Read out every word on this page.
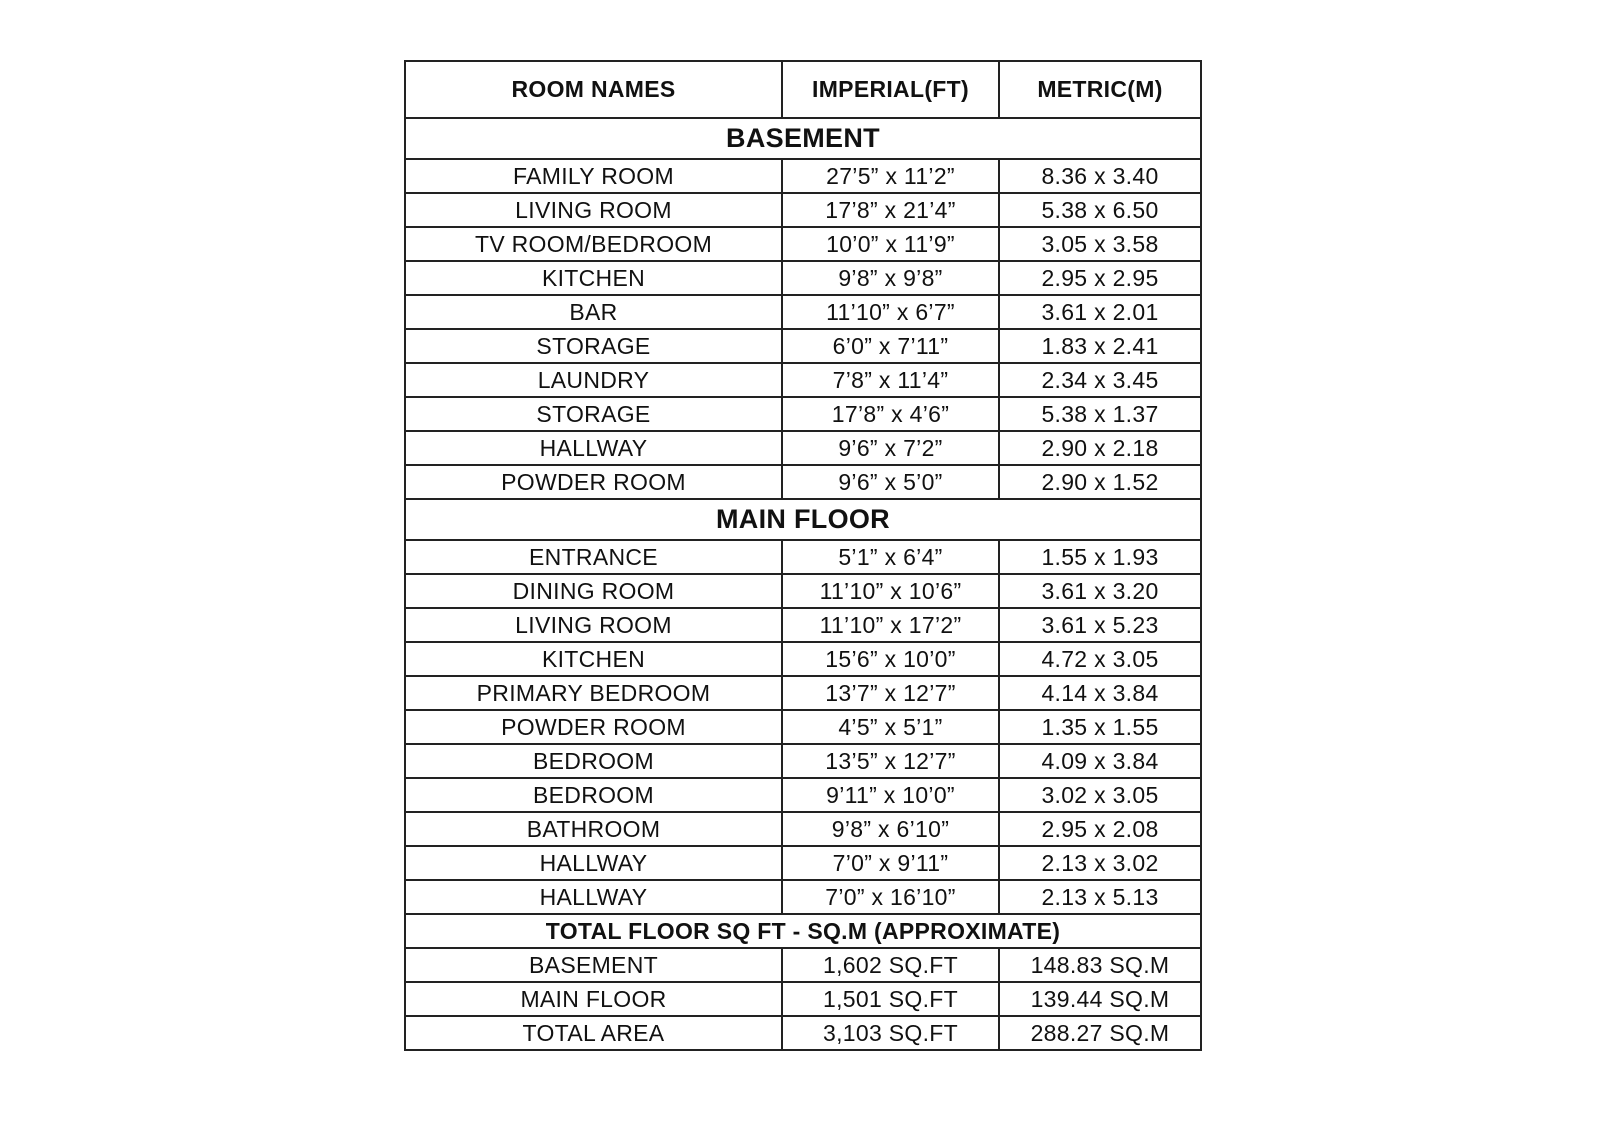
ROOM NAMES	IMPERIAL(FT)	METRIC(M)
BASEMENT		
FAMILY ROOM	27’5” x 11’2”	8.36 x 3.40
LIVING ROOM	17’8” x 21’4”	5.38 x 6.50
TV ROOM/BEDROOM	10’0” x 11’9”	3.05 x 3.58
KITCHEN	9’8” x 9’8”	2.95 x 2.95
BAR	11’10” x 6’7”	3.61 x 2.01
STORAGE	6’0” x 7’11”	1.83 x 2.41
LAUNDRY	7’8” x 11’4”	2.34 x 3.45
STORAGE	17’8” x 4’6”	5.38 x 1.37
HALLWAY	9’6” x 7’2”	2.90 x 2.18
POWDER ROOM	9’6” x 5’0”	2.90 x 1.52
MAIN FLOOR		
ENTRANCE	5’1” x 6’4”	1.55 x 1.93
DINING ROOM	11’10” x 10’6”	3.61 x 3.20
LIVING ROOM	11’10” x 17’2”	3.61 x 5.23
KITCHEN	15’6” x 10’0”	4.72 x 3.05
PRIMARY BEDROOM	13’7” x 12’7”	4.14 x 3.84
POWDER ROOM	4’5” x 5’1”	1.35 x 1.55
BEDROOM	13’5” x 12’7”	4.09 x 3.84
BEDROOM	9’11” x 10’0”	3.02 x 3.05
BATHROOM	9’8” x 6’10”	2.95 x 2.08
HALLWAY	7’0” x 9’11”	2.13 x 3.02
HALLWAY	7’0” x 16’10”	2.13 x 5.13
TOTAL FLOOR SQ FT - SQ.M (APPROXIMATE)		
BASEMENT	1,602 SQ.FT	148.83 SQ.M
MAIN FLOOR	1,501 SQ.FT	139.44 SQ.M
TOTAL AREA	3,103 SQ.FT	288.27 SQ.M
